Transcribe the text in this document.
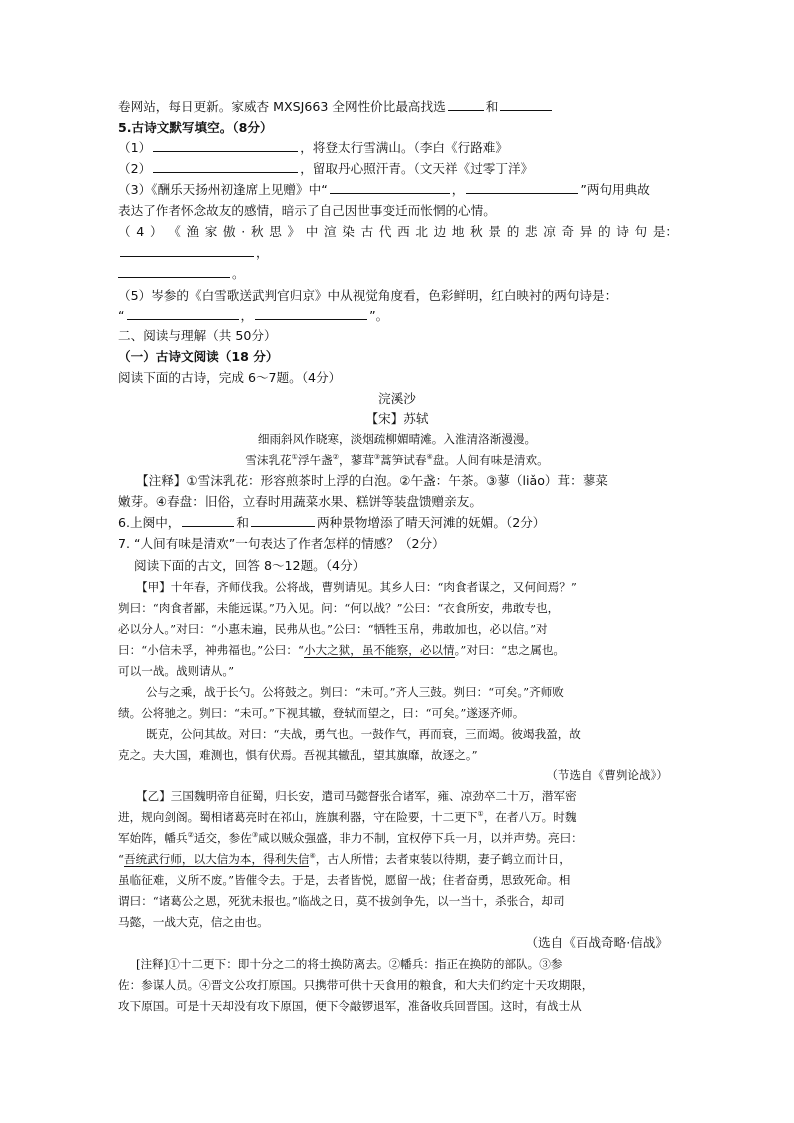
卷网站，每日更新。家威杏 MXSJ663 全网性价比最高找选	和
5.古诗文默写填空。（8分）
（1）	，将登太行雪满山。（李白《行路难》
（2）	，留取丹心照汗青。（文天祥《过零丁洋》
（3）《酬乐天扬州初逢席上见赠》中“	，	”两句用典故
表达了作者怀念故友的感情，暗示了自己因世事变迁而怅惘的心情。
（ 4 ） 《 渔 家 傲 · 秋 思 》 中 渲 染 古 代 西 北 边 地 秋 景 的 悲 凉 奇 异 的 诗 句 是：
，
。
（5）岑参的《白雪歌送武判官归京》中从视觉角度看，色彩鲜明，红白映衬的两句诗是：
“	，	”。
二、阅读与理解（共 50分）
（一）古诗文阅读（18 分）
阅读下面的古诗，完成 6～7题。（4分）
浣溪沙
【宋】苏轼
细雨斜风作晓寒，淡烟疏柳媚晴滩。入淮清洛渐漫漫。
雪沫乳花①浮午盏②，蓼茸③蒿笋试春④盘。人间有味是清欢。
【注释】①雪沫乳花：形容煎茶时上浮的白泡。②午盏：午茶。③蓼（liǎo）茸：蓼菜
嫩芽。④春盘：旧俗，立春时用蔬菜水果、糕饼等装盘馈赠亲友。
6.上阕中，	和	两种景物增添了晴天河滩的妩媚。（2分）
7. “人间有味是清欢”一句表达了作者怎样的情感？（2分）
阅读下面的古文，回答 8～12题。（4分）
【甲】十年春，齐师伐我。公将战，曹刿请见。其乡人曰：“肉食者谋之，又何间焉？”
刿曰：“肉食者鄙，未能远谋。”乃入见。问：“何以战？”公曰：“衣食所安，弗敢专也，
必以分人。”对曰：“小惠未遍，民弗从也。”公曰：“牺牲玉帛，弗敢加也，必以信。”对
曰：“小信未孚，神弗福也。”公曰：“小大之狱，虽不能察，必以情。”对曰：“忠之属也。
可以一战。战则请从。”
公与之乘，战于长勺。公将鼓之。刿曰：“未可。”齐人三鼓。刿曰：“可矣。”齐师败
绩。公将驰之。刿曰：“未可。”下视其辙，登轼而望之，曰：“可矣。”遂逐齐师。
既克，公问其故。对曰：“夫战，勇气也。一鼓作气，再而衰，三而竭。彼竭我盈，故
克之。夫大国，难测也，惧有伏焉。吾视其辙乱，望其旗靡，故逐之。”
（节选自《曹刿论战》）
【乙】三国魏明帝自征蜀，归长安，遣司马懿督张合诸军，雍、凉劲卒二十万，潜军密
进，规向剑阁。蜀相诸葛亮时在祁山，旌旗利器，守在险要，十二更下①，在者八万。时魏
军始阵，幡兵②适交，参佐③咸以贼众强盛，非力不制，宜权停下兵一月，以并声势。亮曰：
“吾统武行师，以大信为本，得利失信④，古人所惜；去者束装以待期，妻子鹤立而计日，
虽临征难，义所不废。”皆催令去。于是，去者皆悦，愿留一战；住者奋勇，思致死命。相
谓曰：“诸葛公之恩，死犹未报也。”临战之日，莫不拔剑争先，以一当十，杀张合，却司
马懿，一战大克，信之由也。
（选自《百战奇略·信战》
[注释]①十二更下：即十分之二的将士换防离去。②幡兵：指正在换防的部队。③参
佐：参谋人员。④晋文公攻打原国。只携带可供十天食用的粮食，和大夫们约定十天攻期限，
攻下原国。可是十天却没有攻下原国，便下令敲锣退军，准备收兵回晋国。这时，有战士从
